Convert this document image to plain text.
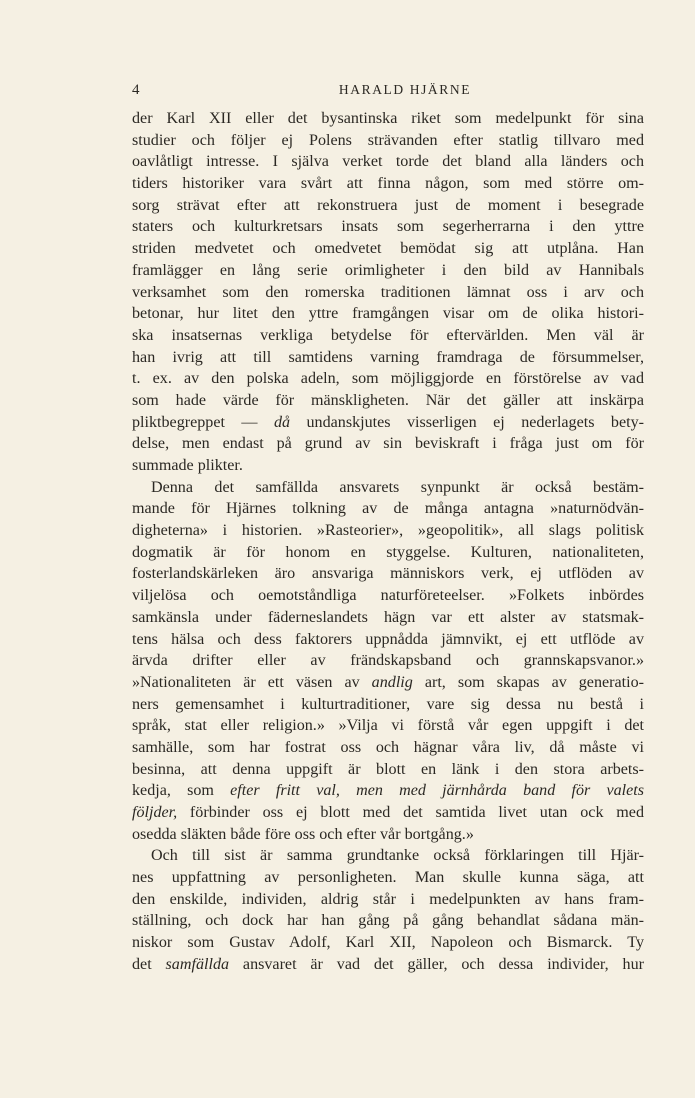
4	HARALD HJÄRNE
der Karl XII eller det bysantinska riket som medelpunkt för sina
studier och följer ej Polens strävanden efter statlig tillvaro med
oavlåtligt intresse. I själva verket torde det bland alla länders och
tiders historiker vara svårt att finna någon, som med större om-
sorg strävat efter att rekonstruera just de moment i besegrade
staters och kulturkretsars insats som segerherrarna i den yttre
striden medvetet och omedvetet bemödat sig att utplåna. Han
framlägger en lång serie orimligheter i den bild av Hannibals
verksamhet som den romerska traditionen lämnat oss i arv och
betonar, hur litet den yttre framgången visar om de olika histori-
ska insatsernas verkliga betydelse för eftervärlden. Men väl är
han ivrig att till samtidens varning framdraga de försummelser,
t. ex. av den polska adeln, som möjliggjorde en förstörelse av vad
som hade värde för mänskligheten. När det gäller att inskärpa
pliktbegreppet — då undanskjutes visserligen ej nederlagets bety-
delse, men endast på grund av sin beviskraft i fråga just om för
summade plikter.
Denna det samfällda ansvarets synpunkt är också bestäm-
mande för Hjärnes tolkning av de många antagna »naturnödvän-
digheterna» i historien. »Rasteorier», »geopolitik», all slags politisk
dogmatik är för honom en styggelse. Kulturen, nationaliteten,
fosterlandskärleken äro ansvariga människors verk, ej utflöden av
viljelösa och oemotståndliga naturföreteelser. »Folkets inbördes
samkänsla under fäderneslandets hägn var ett alster av statsmak-
tens hälsa och dess faktorers uppnådda jämnvikt, ej ett utflöde av
ärvda drifter eller av frändskapsband och grannskapsvanor.»
»Nationaliteten är ett väsen av andlig art, som skapas av generatio-
ners gemensamhet i kulturtraditioner, vare sig dessa nu bestå i
språk, stat eller religion.» »Vilja vi förstå vår egen uppgift i det
samhälle, som har fostrat oss och hägnar våra liv, då måste vi
besinna, att denna uppgift är blott en länk i den stora arbets-
kedja, som efter fritt val, men med järnhårda band för valets
följder, förbinder oss ej blott med det samtida livet utan ock med
osedda släkten både före oss och efter vår bortgång.»
Och till sist är samma grundtanke också förklaringen till Hjär-
nes uppfattning av personligheten. Man skulle kunna säga, att
den enskilde, individen, aldrig står i medelpunkten av hans fram-
ställning, och dock har han gång på gång behandlat sådana män-
niskor som Gustav Adolf, Karl XII, Napoleon och Bismarck. Ty
det samfällda ansvaret är vad det gäller, och dessa individer, hur
